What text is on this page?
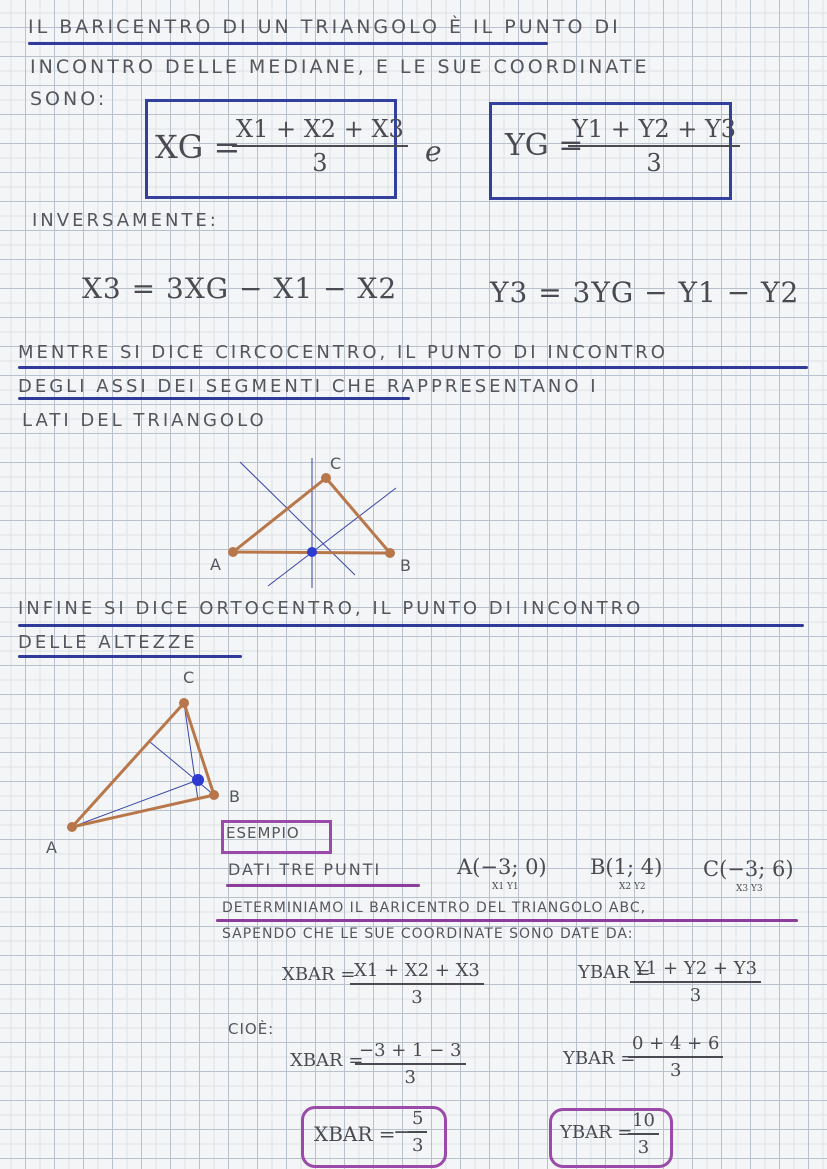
IL BARICENTRO DI UN TRIANGOLO È IL PUNTO DI
INCONTRO DELLE MEDIANE, E LE SUE COORDINATE
SONO:
XG =
$\frac{X1 + X2 + X3}{3}$ e YG =
$\frac{Y1 + Y2 + Y3}{3}$
INVERSAMENTE:
X3 = 3XG − X1 − X2	Y3 = 3YG − Y1 − Y2
MENTRE SI DICE CIRCOCENTRO, IL PUNTO DI INCONTRO
DEGLI ASSI DEI SEGMENTI CHE RAPPRESENTANO I
LATI DEL TRIANGOLO
A	B
C
INFINE SI DICE ORTOCENTRO, IL PUNTO DI INCONTRO
DELLE ALTEZZE
A
B
C
ESEMPIO
DATI TRE PUNTI	A(−3; 0)
X1 Y1
B(1; 4)
X2 Y2
C(−3; 6)
X3 Y3
DETERMINIAMO IL BARICENTRO DEL TRIANGOLO ABC,
SAPENDO CHE LE SUE COORDINATE SONO DATE DA:
XBAR =
$\frac{X1 + X2 + X3}{3}$	YBAR =
$\frac{Y1 + Y2 + Y3}{3}$
CIOÈ:
XBAR =
$\frac{-3 + 1 - 3}{3}$	YBAR =
$\frac{0 + 4 + 6}{3}$
XBAR =
−
$\frac{5}{3}$	YBAR =
$\frac{10}{3}$
